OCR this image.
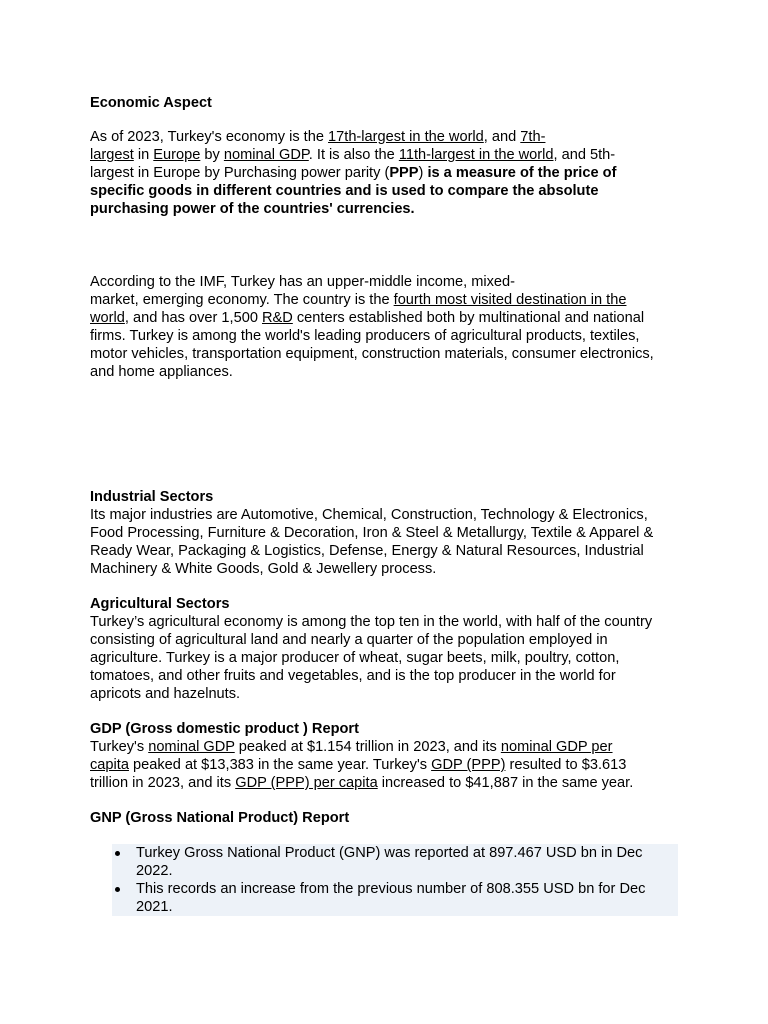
Economic Aspect
As of 2023, Turkey's economy is the 17th-largest in the world, and 7th-
largest in Europe by nominal GDP. It is also the 11th-largest in the world, and 5th-
largest in Europe by Purchasing power parity (PPP) is a measure of the price of
specific goods in different countries and is used to compare the absolute
purchasing power of the countries' currencies.
According to the IMF, Turkey has an upper-middle income, mixed-
market, emerging economy. The country is the fourth most visited destination in the
world, and has over 1,500 R&D centers established both by multinational and national
firms. Turkey is among the world's leading producers of agricultural products, textiles,
motor vehicles, transportation equipment, construction materials, consumer electronics,
and home appliances.
Industrial Sectors
Its major industries are Automotive, Chemical, Construction, Technology & Electronics,
Food Processing, Furniture & Decoration, Iron & Steel & Metallurgy, Textile & Apparel &
Ready Wear, Packaging & Logistics, Defense, Energy & Natural Resources, Industrial
Machinery & White Goods, Gold & Jewellery process.
Agricultural Sectors
Turkey’s agricultural economy is among the top ten in the world, with half of the country
consisting of agricultural land and nearly a quarter of the population employed in
agriculture. Turkey is a major producer of wheat, sugar beets, milk, poultry, cotton,
tomatoes, and other fruits and vegetables, and is the top producer in the world for
apricots and hazelnuts.
GDP (Gross domestic product ) Report
Turkey's nominal GDP peaked at $1.154 trillion in 2023, and its nominal GDP per
capita peaked at $13,383 in the same year. Turkey's GDP (PPP) resulted to $3.613
trillion in 2023, and its GDP (PPP) per capita increased to $41,887 in the same year.
GNP (Gross National Product) Report
Turkey Gross National Product (GNP) was reported at 897.467 USD bn in Dec
2022.
This records an increase from the previous number of 808.355 USD bn for Dec
2021.
